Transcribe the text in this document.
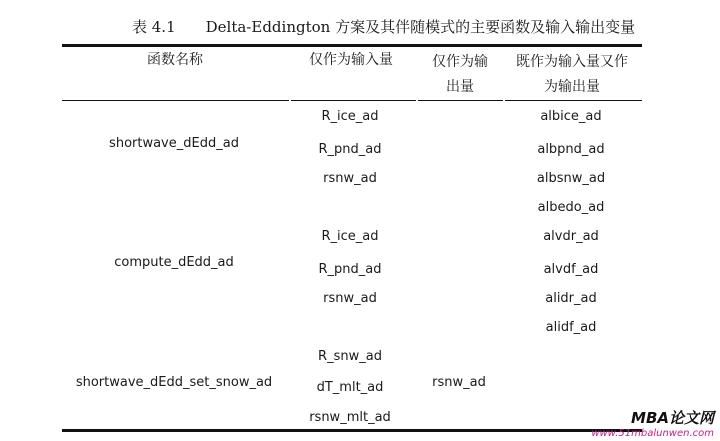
表 4.1 Delta-Eddington 方案及其伴随模式的主要函数及输入输出变量
函数名称	仅作为输入量	仅作为输
出量
既作为输入量又作
为输出量
shortwave_dEdd_ad
R_ice_ad
R_pnd_ad
rsnw_ad
albice_ad
albpnd_ad
albsnw_ad
compute_dEdd_ad
R_ice_ad
R_pnd_ad
rsnw_ad
albedo_ad
alvdr_ad
alvdf_ad
alidr_ad
alidf_ad
shortwave_dEdd_set_snow_ad
R_snw_ad
dT_mlt_ad
rsnw_mlt_ad
rsnw_ad
MBA论文网
www.51mbalunwen.com
